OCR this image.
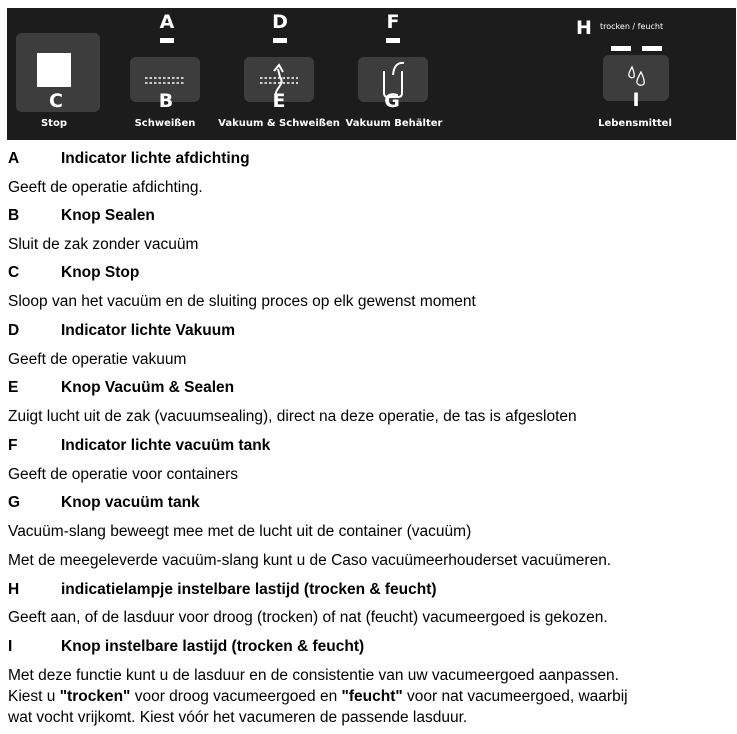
A	D	F	H	trocken / feucht
C
Stop
B
Schweißen
E
Vakuum & Schweißen
G
Vakuum Behälter
I
Lebensmittel
A	Indicator lichte afdichting
Geeft de operatie afdichting.
B	Knop Sealen
Sluit de zak zonder vacuüm
C	Knop Stop
Sloop van het vacuüm en de sluiting proces op elk gewenst moment
D	Indicator lichte Vakuum
Geeft de operatie vakuum
E	Knop Vacuüm & Sealen
Zuigt lucht uit de zak (vacuumsealing), direct na deze operatie, de tas is afgesloten
F	Indicator lichte vacuüm tank
Geeft de operatie voor containers
G	Knop vacuüm tank
Vacuüm-slang beweegt mee met de lucht uit de container (vacuüm)
Met de meegeleverde vacuüm-slang kunt u de Caso vacuümeerhouderset vacuümeren.
H	indicatielampje instelbare lastijd (trocken & feucht)
Geeft aan, of de lasduur voor droog (trocken) of nat (feucht) vacumeergoed is gekozen.
I	Knop instelbare lastijd (trocken & feucht)
Met deze functie kunt u de lasduur en de consistentie van uw vacumeergoed aanpassen.
Kiest u "trocken" voor droog vacumeergoed en "feucht" voor nat vacumeergoed, waarbij
wat vocht vrijkomt. Kiest vóór het vacumeren de passende lasduur.
